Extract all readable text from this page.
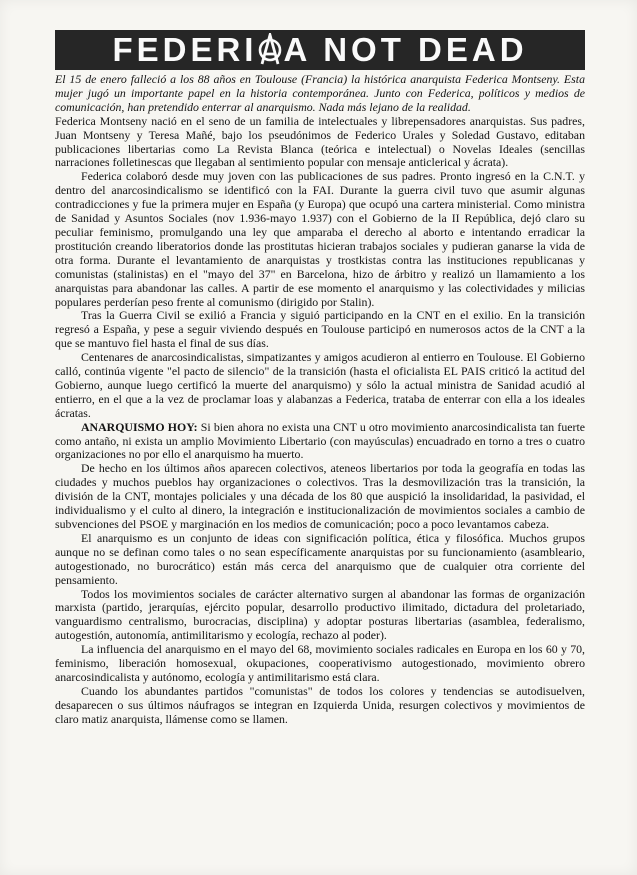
FEDERI A NOT DEAD

El 15 de enero falleció a los 88 años en Toulouse (Francia) la histórica anarquista Federica Montseny. Esta mujer jugó un importante papel en la historia contemporánea. Junto con Federica, políticos y medios de comunicación, han pretendido enterrar al anarquismo. Nada más lejano de la realidad.

Federica Montseny nació en el seno de un familia de intelectuales y librepensadores anarquistas. Sus padres, Juan Montseny y Teresa Mañé, bajo los pseudónimos de Federico Urales y Soledad Gustavo, editaban publicaciones libertarias como La Revista Blanca (teórica e intelectual) o Novelas Ideales (sencillas narraciones folletinescas que llegaban al sentimiento popular con mensaje anticlerical y ácrata).

Federica colaboró desde muy joven con las publicaciones de sus padres. Pronto ingresó en la C.N.T. y dentro del anarcosindicalismo se identificó con la FAI. Durante la guerra civil tuvo que asumir algunas contradicciones y fue la primera mujer en España (y Europa) que ocupó una cartera ministerial. Como ministra de Sanidad y Asuntos Sociales (nov 1.936-mayo 1.937) con el Gobierno de la II República, dejó claro su peculiar feminismo, promulgando una ley que amparaba el derecho al aborto e intentando erradicar la prostitución creando liberatorios donde las prostitutas hicieran trabajos sociales y pudieran ganarse la vida de otra forma. Durante el levantamiento de anarquistas y trostkistas contra las instituciones republicanas y comunistas (stalinistas) en el "mayo del 37" en Barcelona, hizo de árbitro y realizó un llamamiento a los anarquistas para abandonar las calles. A partir de ese momento el anarquismo y las colectividades y milicias populares perderían peso frente al comunismo (dirigido por Stalin).

Tras la Guerra Civil se exilió a Francia y siguió participando en la CNT en el exilio. En la transición regresó a España, y pese a seguir viviendo después en Toulouse participó en numerosos actos de la CNT a la que se mantuvo fiel hasta el final de sus días.

Centenares de anarcosindicalistas, simpatizantes y amigos acudieron al entierro en Toulouse. El Gobierno calló, continúa vigente "el pacto de silencio" de la transición (hasta el oficialista EL PAIS criticó la actitud del Gobierno, aunque luego certificó la muerte del anarquismo) y sólo la actual ministra de Sanidad acudió al entierro, en el que a la vez de proclamar loas y alabanzas a Federica, trataba de enterrar con ella a los ideales ácratas.

ANARQUISMO HOY: Si bien ahora no exista una CNT u otro movimiento anarcosindicalista tan fuerte como antaño, ni exista un amplio Movimiento Libertario (con mayúsculas) encuadrado en torno a tres o cuatro organizaciones no por ello el anarquismo ha muerto.

De hecho en los últimos años aparecen colectivos, ateneos libertarios por toda la geografía en todas las ciudades y muchos pueblos hay organizaciones o colectivos. Tras la desmovilización tras la transición, la división de la CNT, montajes policiales y una década de los 80 que auspició la insolidaridad, la pasividad, el individualismo y el culto al dinero, la integración e institucionalización de movimientos sociales a cambio de subvenciones del PSOE y marginación en los medios de comunicación; poco a poco levantamos cabeza.

El anarquismo es un conjunto de ideas con significación política, ética y filosófica. Muchos grupos aunque no se definan como tales o no sean específicamente anarquistas por su funcionamiento (asambleario, autogestionado, no burocrático) están más cerca del anarquismo que de cualquier otra corriente del pensamiento.

Todos los movimientos sociales de carácter alternativo surgen al abandonar las formas de organización marxista (partido, jerarquías, ejército popular, desarrollo productivo ilimitado, dictadura del proletariado, vanguardismo centralismo, burocracias, disciplina) y adoptar posturas libertarias (asamblea, federalismo, autogestión, autonomía, antimilitarismo y ecología, rechazo al poder).

La influencia del anarquismo en el mayo del 68, movimiento sociales radicales en Europa en los 60 y 70, feminismo, liberación homosexual, okupaciones, cooperativismo autogestionado, movimiento obrero anarcosindicalista y autónomo, ecología y antimilitarismo está clara.

Cuando los abundantes partidos "comunistas" de todos los colores y tendencias se autodisuelven, desaparecen o sus últimos náufragos se integran en Izquierda Unida, resurgen colectivos y movimientos de claro matiz anarquista, llámense como se llamen.
